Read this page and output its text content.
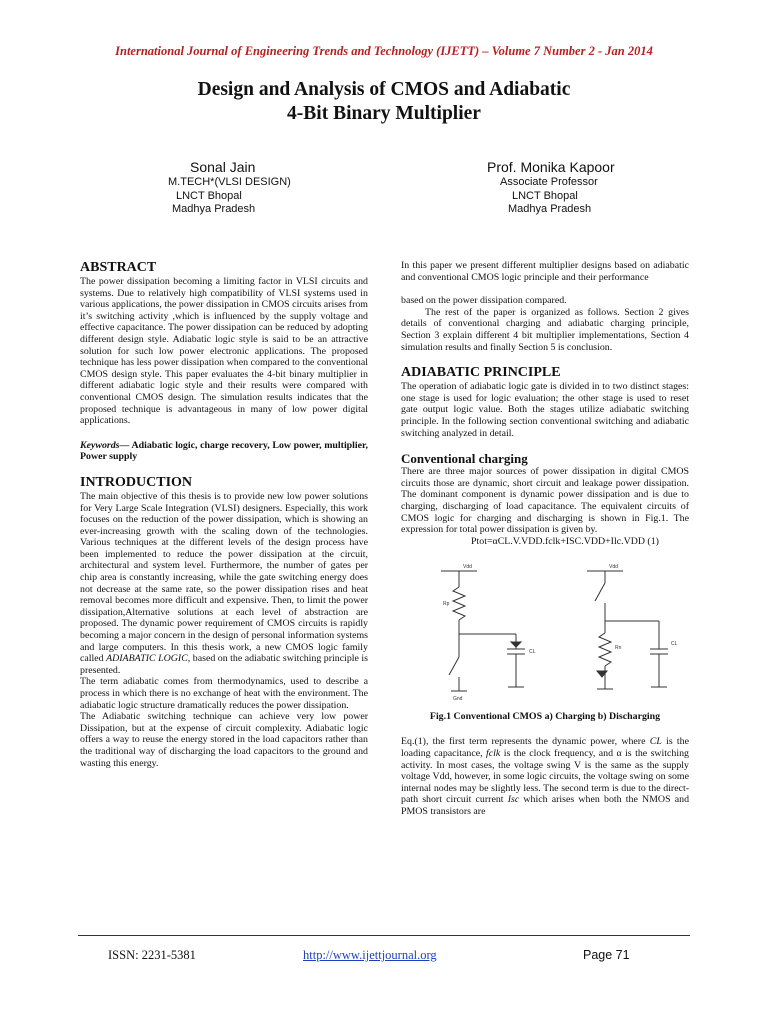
International Journal of Engineering Trends and Technology (IJETT) – Volume 7 Number 2 - Jan 2014
Design and Analysis of CMOS and Adiabatic
4-Bit Binary Multiplier
Sonal Jain
M.TECH*(VLSI DESIGN)
LNCT Bhopal
Madhya Pradesh
Prof. Monika Kapoor
Associate Professor
LNCT Bhopal
Madhya Pradesh
ABSTRACT

The power dissipation becoming a limiting factor in VLSI circuits and systems. Due to relatively high compatibility of VLSI systems used in various applications, the power dissipation in CMOS circuits arises from it’s switching activity ,which is influenced by the supply voltage and effective capacitance. The power dissipation can be reduced by adopting different design style. Adiabatic logic style is said to be an attractive solution for such low power electronic applications. The proposed technique has less power dissipation when compared to the conventional CMOS design style. This paper evaluates the 4-bit binary multiplier in different adiabatic logic style and their results were compared with conventional CMOS design. The simulation results indicates that the proposed technique is advantageous in many of low power digital applications.

Keywords— Adiabatic logic, charge recovery, Low power, multiplier, Power supply

INTRODUCTION

The main objective of this thesis is to provide new low power solutions for Very Large Scale Integration (VLSI) designers. Especially, this work focuses on the reduction of the power dissipation, which is showing an ever-increasing growth with the scaling down of the technologies. Various techniques at the different levels of the design process have been implemented to reduce the power dissipation at the circuit, architectural and system level. Furthermore, the number of gates per chip area is constantly increasing, while the gate switching energy does not decrease at the same rate, so the power dissipation rises and heat removal becomes more difficult and expensive. Then, to limit the power dissipation,Alternative solutions at each level of abstraction are proposed. The dynamic power requirement of CMOS circuits is rapidly becoming a major concern in the design of personal information systems and large computers. In this thesis work, a new CMOS logic family called ADIABATIC LOGIC, based on the adiabatic switching principle is presented.

The term adiabatic comes from thermodynamics, used to describe a process in which there is no exchange of heat with the environment. The adiabatic logic structure dramatically reduces the power dissipation.

The Adiabatic switching technique can achieve very low power Dissipation, but at the expense of circuit complexity. Adiabatic logic offers a way to reuse the energy stored in the load capacitors rather than the traditional way of discharging the load capacitors to the ground and wasting this energy.

In this paper we present different multiplier designs based on adiabatic and conventional CMOS logic principle and their performance

based on the power dissipation compared.

The rest of the paper is organized as follows. Section 2 gives details of conventional charging and adiabatic charging principle, Section 3 explain different 4 bit multiplier implementations, Section 4 simulation results and finally Section 5 is conclusion.

ADIABATIC PRINCIPLE

The operation of adiabatic logic gate is divided in to two distinct stages: one stage is used for logic evaluation; the other stage is used to reset gate output logic value. Both the stages utilize adiabatic switching principle. In the following section conventional switching and adiabatic switching analyzed in detail.

Conventional charging

There are three major sources of power dissipation in digital CMOS circuits those are dynamic, short circuit and leakage power dissipation. The dominant component is dynamic power dissipation and is due to charging, discharging of load capacitance. The equivalent circuits of CMOS logic for charging and discharging is shown in Fig.1. The expression for total power dissipation is given by.

Ptot=αCL.V.VDD.fclk+ISC.VDD+Ilc.VDD (1)

Vdd
Rp
CL
Gnd
Vdd
Rn
CL

Fig.1 Conventional CMOS a) Charging b) Discharging

Eq.(1), the first term represents the dynamic power, where CL is the loading capacitance, fclk is the clock frequency, and α is the switching activity. In most cases, the voltage swing V is the same as the supply voltage Vdd, however, in some logic circuits, the voltage swing on some internal nodes may be slightly less. The second term is due to the direct-path short circuit current Isc which arises when both the NMOS and PMOS transistors are

ISSN: 2231-5381	http://www.ijettjournal.org	Page 71
